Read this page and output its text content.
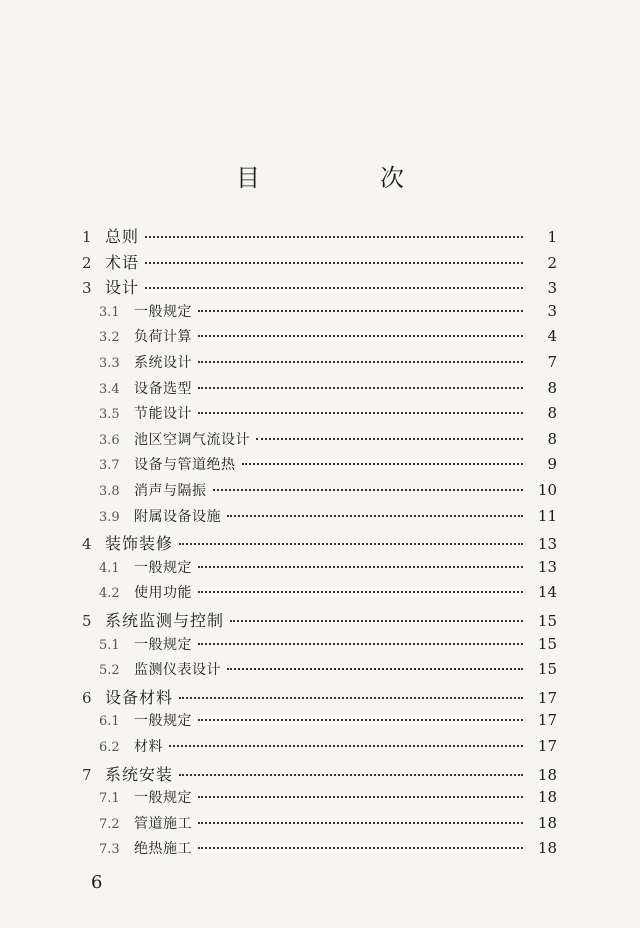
目　次
1 总则	1
2 术语	2
3 设计	3
3.1	一般规定	3
3.2	负荷计算	4
3.3	系统设计	7
3.4	设备选型	8
3.5	节能设计	8
3.6	池区空调气流设计	8
3.7	设备与管道绝热	9
3.8	消声与隔振	10
3.9	附属设备设施	11
4 装饰装修	13
4.1	一般规定	13
4.2	使用功能	14
5 系统监测与控制	15
5.1	一般规定	15
5.2	监测仪表设计	15
6 设备材料	17
6.1	一般规定	17
6.2	材料	17
7 系统安装	18
7.1	一般规定	18
7.2	管道施工	18
7.3	绝热施工	18
6
